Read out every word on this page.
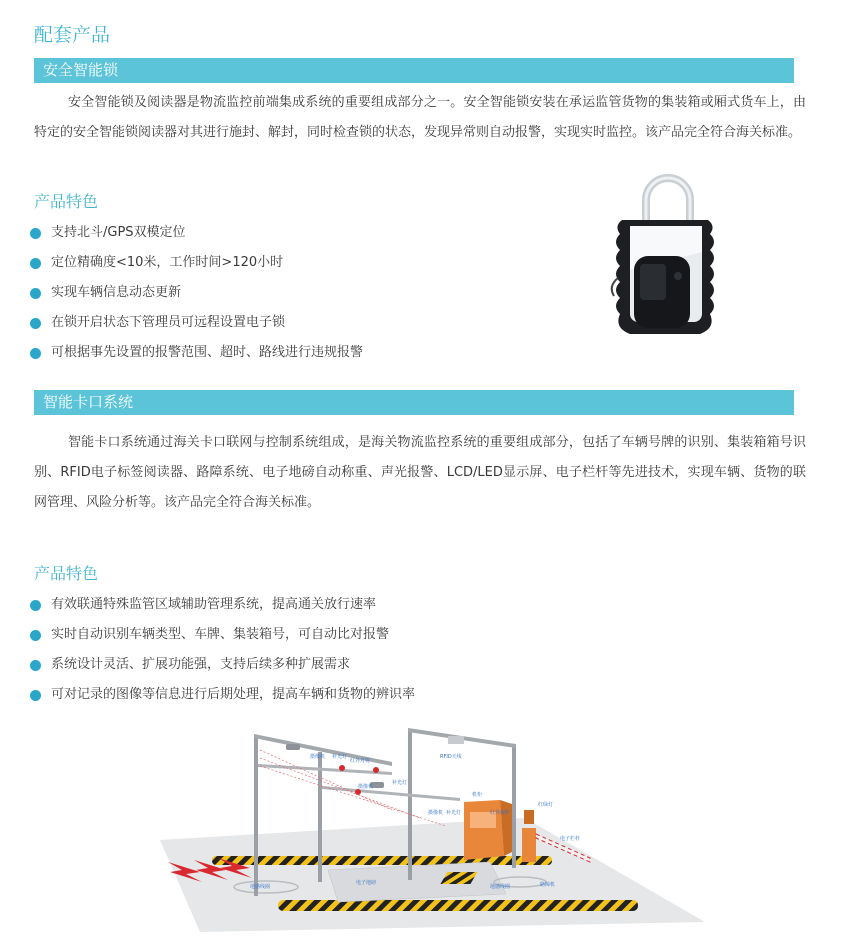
配套产品
安全智能锁

安全智能锁及阅读器是物流监控前端集成系统的重要组成部分之一。安全智能锁安装在承运监管货物的集装箱或厢式货车上，由特定的安全智能锁阅读器对其进行施封、解封，同时检查锁的状态，发现异常则自动报警，实现实时监控。该产品完全符合海关标准。

产品特色
支持北斗/GPS双模定位
定位精确度<10米，工作时间>120小时
实现车辆信息动态更新
在锁开启状态下管理员可远程设置电子锁
可根据事先设置的报警范围、超时、路线进行违规报警
智能卡口系统

智能卡口系统通过海关卡口联网与控制系统组成，是海关物流监控系统的重要组成部分，包括了车辆号牌的识别、集装箱箱号识别、RFID电子标签阅读器、路障系统、电子地磅自动称重、声光报警、LCD/LED显示屏、电子栏杆等先进技术，实现车辆、货物的联网管理、风险分析等。该产品完全符合海关标准。

产品特色
有效联通特殊监管区域辅助管理系统，提高通关放行速率
实时自动识别车辆类型、车牌、集装箱号，可自动比对报警
系统设计灵活、扩展功能强，支持后续多种扩展需求
可对记录的图像等信息进行后期处理，提高车辆和货物的辨识率
摄像机 补光灯
红外对射
补光灯
摄像机
RFID天线
机柜
摄像机 补光灯	红外保护
红绿灯
电子栏杆
地感线圈
电子地磅
地感线圈	路障机
